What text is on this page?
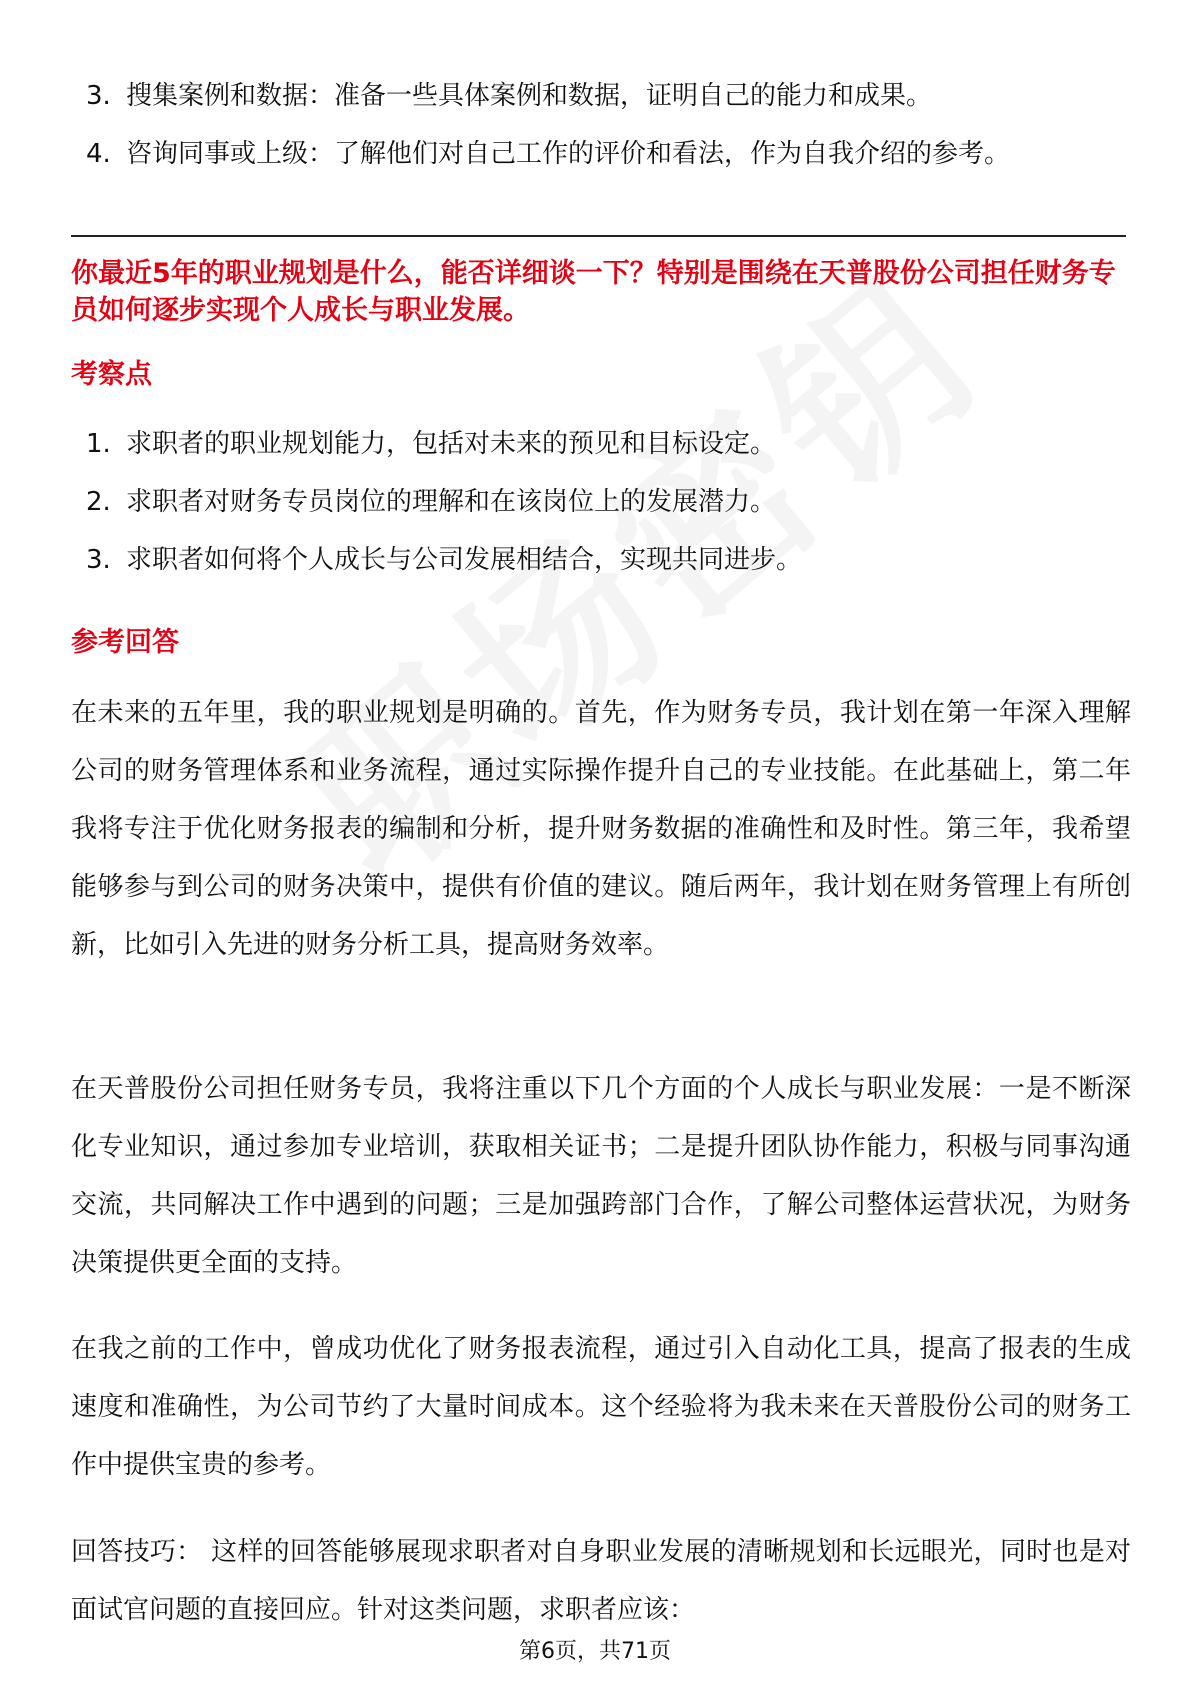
3. 搜集案例和数据：准备一些具体案例和数据，证明自己的能力和成果。
4. 咨询同事或上级：了解他们对自己工作的评价和看法，作为自我介绍的参考。
你最近5年的职业规划是什么，能否详细谈一下？特别是围绕在天普股份公司担任财务专员如何逐步实现个人成长与职业发展。
考察点
1. 求职者的职业规划能力，包括对未来的预见和目标设定。
2. 求职者对财务专员岗位的理解和在该岗位上的发展潜力。
3. 求职者如何将个人成长与公司发展相结合，实现共同进步。
参考回答
在未来的五年里，我的职业规划是明确的。首先，作为财务专员，我计划在第一年深入理解公司的财务管理体系和业务流程，通过实际操作提升自己的专业技能。在此基础上，第二年我将专注于优化财务报表的编制和分析，提升财务数据的准确性和及时性。第三年，我希望能够参与到公司的财务决策中，提供有价值的建议。随后两年，我计划在财务管理上有所创新，比如引入先进的财务分析工具，提高财务效率。
在天普股份公司担任财务专员，我将注重以下几个方面的个人成长与职业发展：一是不断深化专业知识，通过参加专业培训，获取相关证书；二是提升团队协作能力，积极与同事沟通交流，共同解决工作中遇到的问题；三是加强跨部门合作，了解公司整体运营状况，为财务决策提供更全面的支持。
在我之前的工作中，曾成功优化了财务报表流程，通过引入自动化工具，提高了报表的生成速度和准确性，为公司节约了大量时间成本。这个经验将为我未来在天普股份公司的财务工作中提供宝贵的参考。
回答技巧： 这样的回答能够展现求职者对自身职业发展的清晰规划和长远眼光，同时也是对面试官问题的直接回应。针对这类问题，求职者应该：
第6页，共71页
